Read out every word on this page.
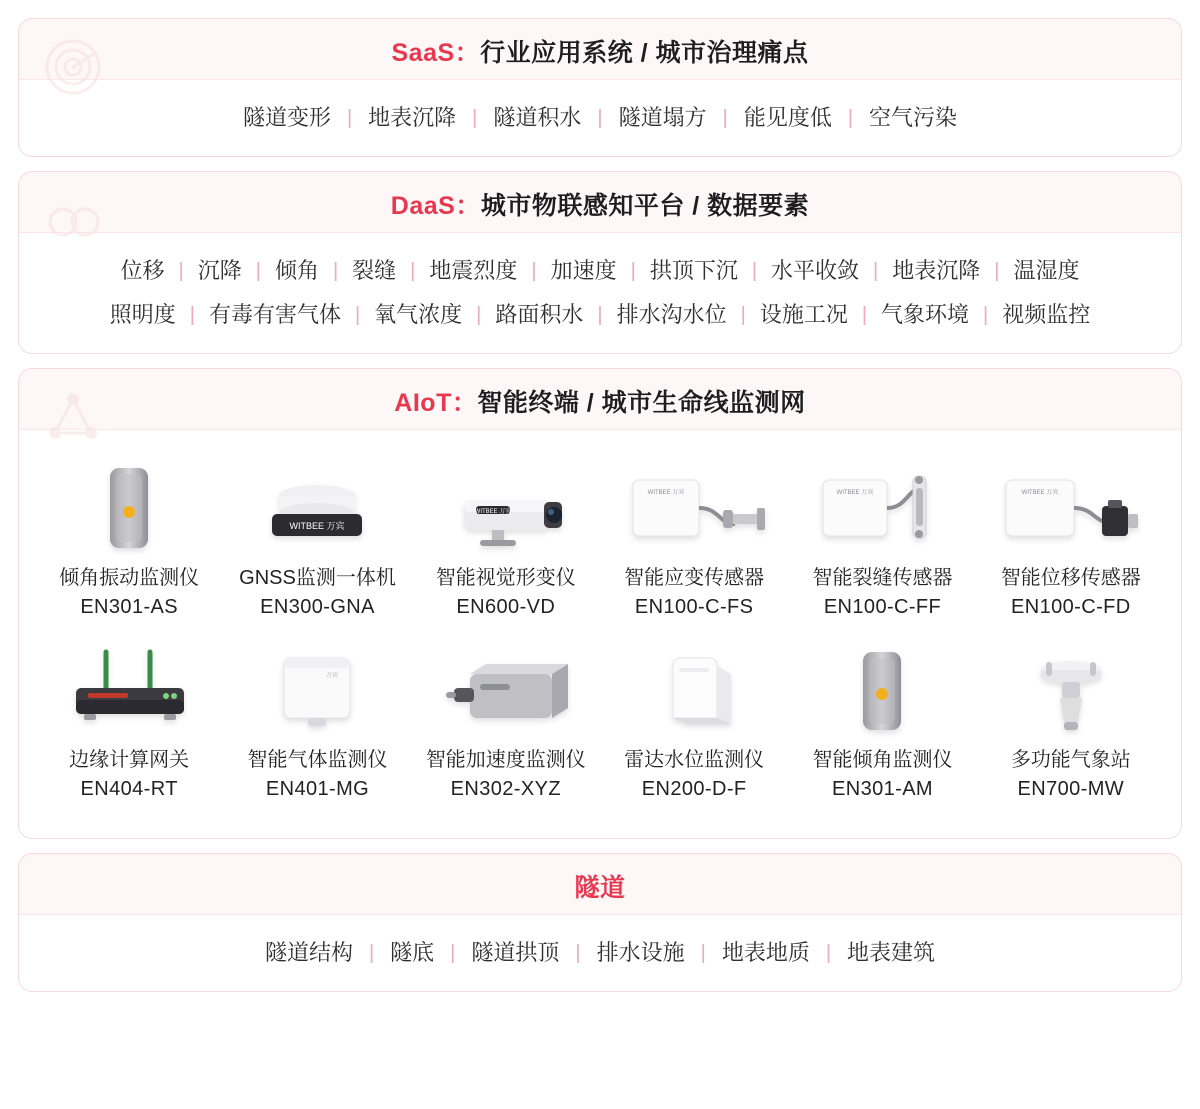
SaaS：行业应用系统 / 城市治理痛点
隧道变形 | 地表沉降 | 隧道积水 | 隧道塌方 | 能见度低 | 空气污染
DaaS：城市物联感知平台 / 数据要素
位移 | 沉降 | 倾角 | 裂缝 | 地震烈度 | 加速度 | 拱顶下沉 | 水平收敛 | 地表沉降 | 温湿度
照明度 | 有毒有害气体 | 氧气浓度 | 路面积水 | 排水沟水位 | 设施工况 | 气象环境 | 视频监控
AIoT：智能终端 / 城市生命线监测网
倾角振动监测仪
EN301-AS
WITBEE 万宾
GNSS监测一体机
EN300-GNA
WITBEE 万宾
智能视觉形变仪
EN600-VD
WITBEE 万宾
智能应变传感器
EN100-C-FS
WITBEE 万宾
智能裂缝传感器
EN100-C-FF
WITBEE 万宾
智能位移传感器
EN100-C-FD
边缘计算网关
EN404-RT
万宾
智能气体监测仪
EN401-MG
智能加速度监测仪
EN302-XYZ
雷达水位监测仪
EN200-D-F
智能倾角监测仪
EN301-AM
多功能气象站
EN700-MW
隧道
隧道结构 | 隧底 | 隧道拱顶 | 排水设施 | 地表地质 | 地表建筑
